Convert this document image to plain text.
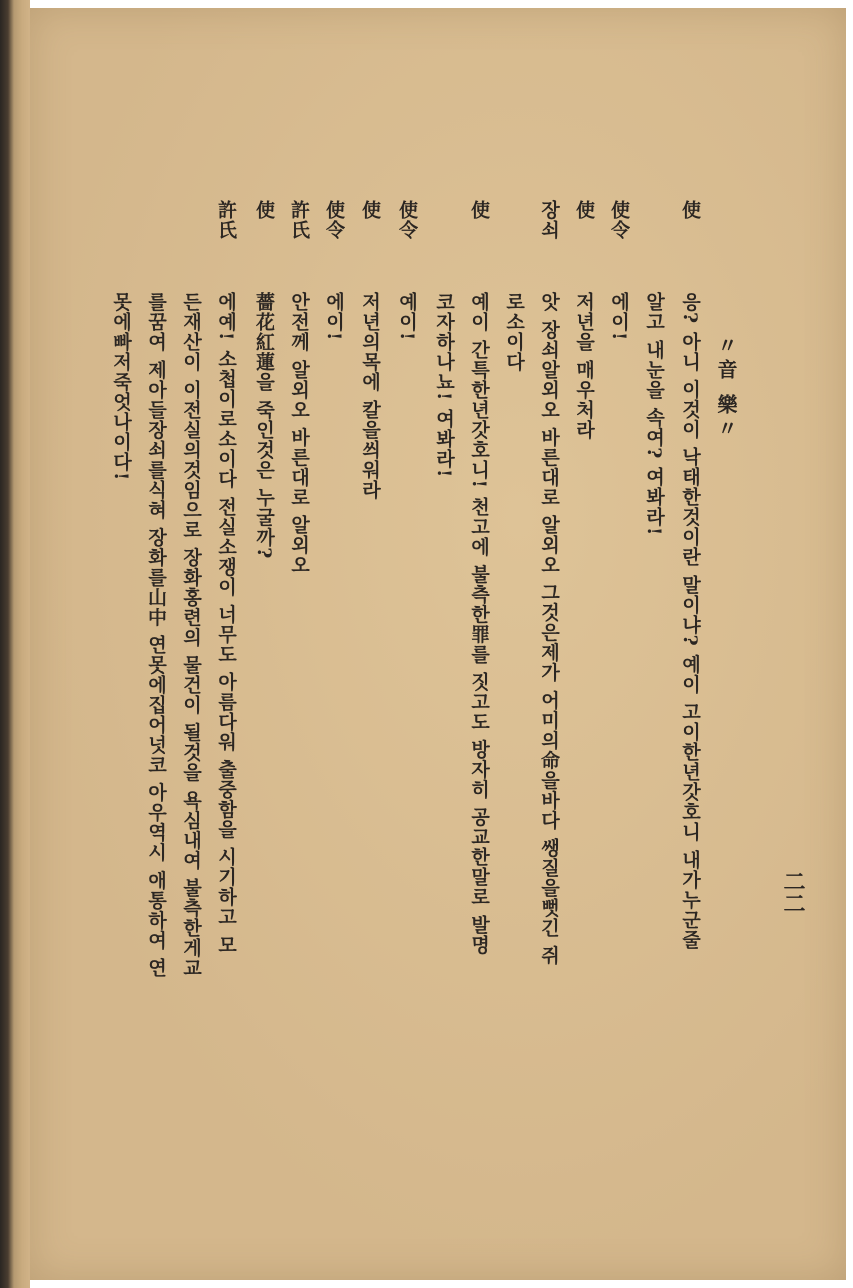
二二
〃音 樂〃
使
응? 아니 이것이 낙태한것이란 말이냐? 예이 고이한년갓호니 내가누군줄
알고 내눈을 속여? 여봐라!
使令
에이!
使
저년을 매우처라
장쇠
앗 장쇠알외오 바른대로 알외오 그것은제가 어미의命을바다 쌩질을뻣긴 쥐
로소이다
使
예이 간특한년갓호니! 천고에 불측한罪를 짓고도 방자히 공교한말로 발명
코자하나뇨! 여봐라!
使令
예이!
使
저년의목에 칼을씌워라
使令
에이!
許氏
안전께 알외오 바른대로 알외오
使
薔花紅蓮을 죽인것은 누굴까?
許氏
에예! 소첩이로소이다 전실소쟁이 너무도 아름다워 출중함을 시기하고 모
든재산이 이전실의것임으로 장화홍련의 물건이 될것을 욕심내여 불측한게교
를꿈여 제아들장쇠를식혀 장화를山中 연못에집어넛코 아우역시 애통하여 연
못에빠저죽엇나이다!
